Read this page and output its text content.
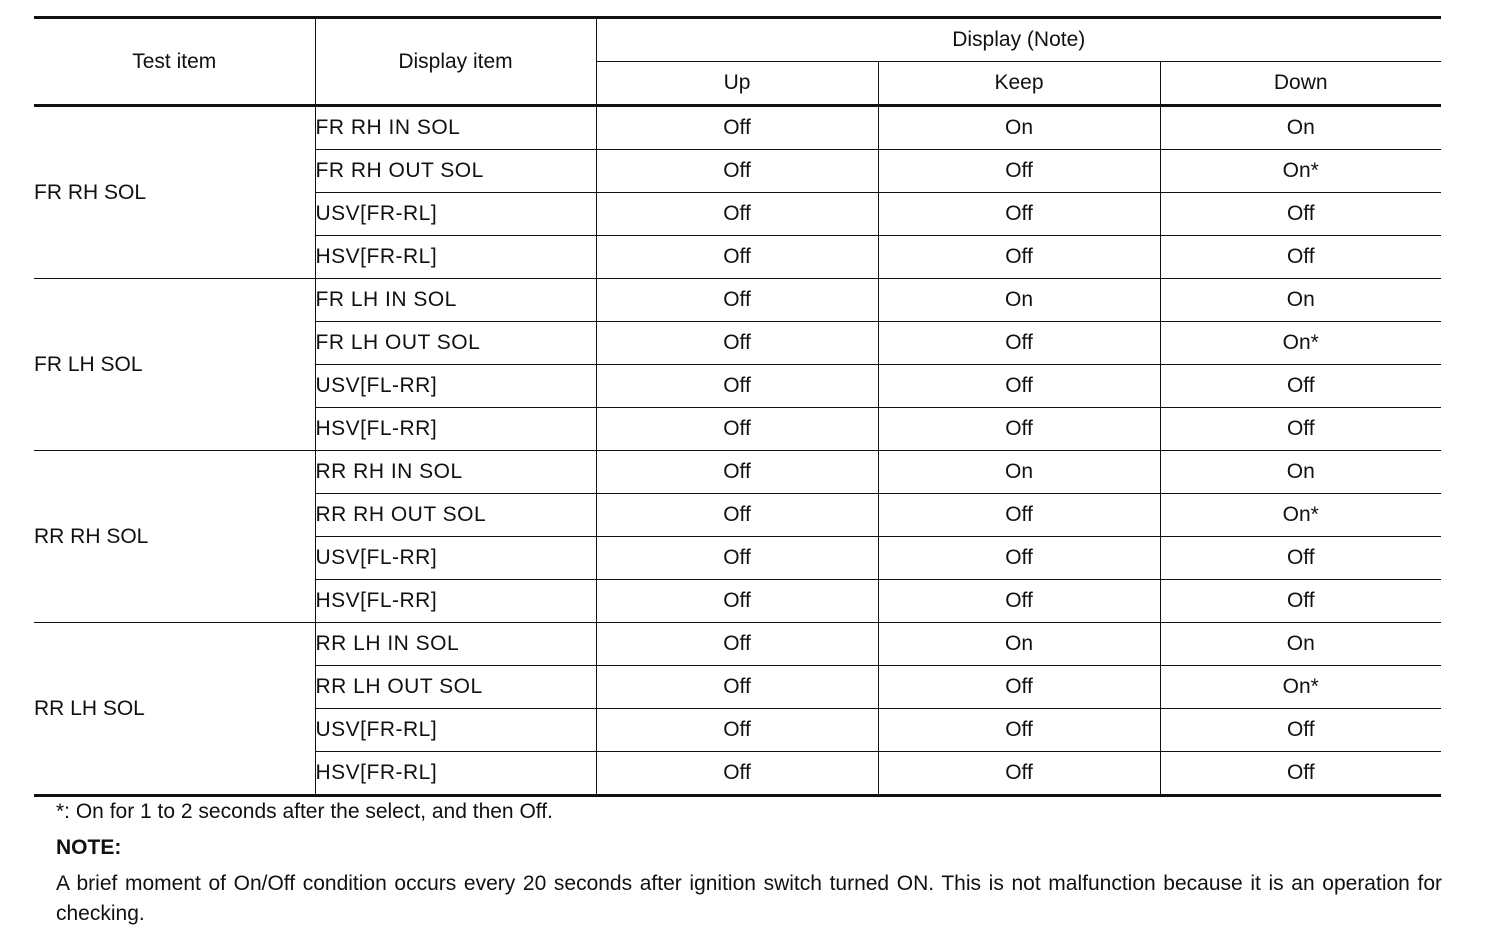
Test item	Display item	Display (Note)		
		Up	Keep	Down
FR RH SOL	FR RH IN SOL	Off	On	On
	FR RH OUT SOL	Off	Off	On*
	USV[FR-RL]	Off	Off	Off
	HSV[FR-RL]	Off	Off	Off
FR LH SOL	FR LH IN SOL	Off	On	On
	FR LH OUT SOL	Off	Off	On*
	USV[FL-RR]	Off	Off	Off
	HSV[FL-RR]	Off	Off	Off
RR RH SOL	RR RH IN SOL	Off	On	On
	RR RH OUT SOL	Off	Off	On*
	USV[FL-RR]	Off	Off	Off
	HSV[FL-RR]	Off	Off	Off
RR LH SOL	RR LH IN SOL	Off	On	On
	RR LH OUT SOL	Off	Off	On*
	USV[FR-RL]	Off	Off	Off
	HSV[FR-RL]	Off	Off	Off

*: On for 1 to 2 seconds after the select, and then Off.

NOTE:

A brief moment of On/Off condition occurs every 20 seconds after ignition switch turned ON. This is not malfunction because it is an operation for checking.
